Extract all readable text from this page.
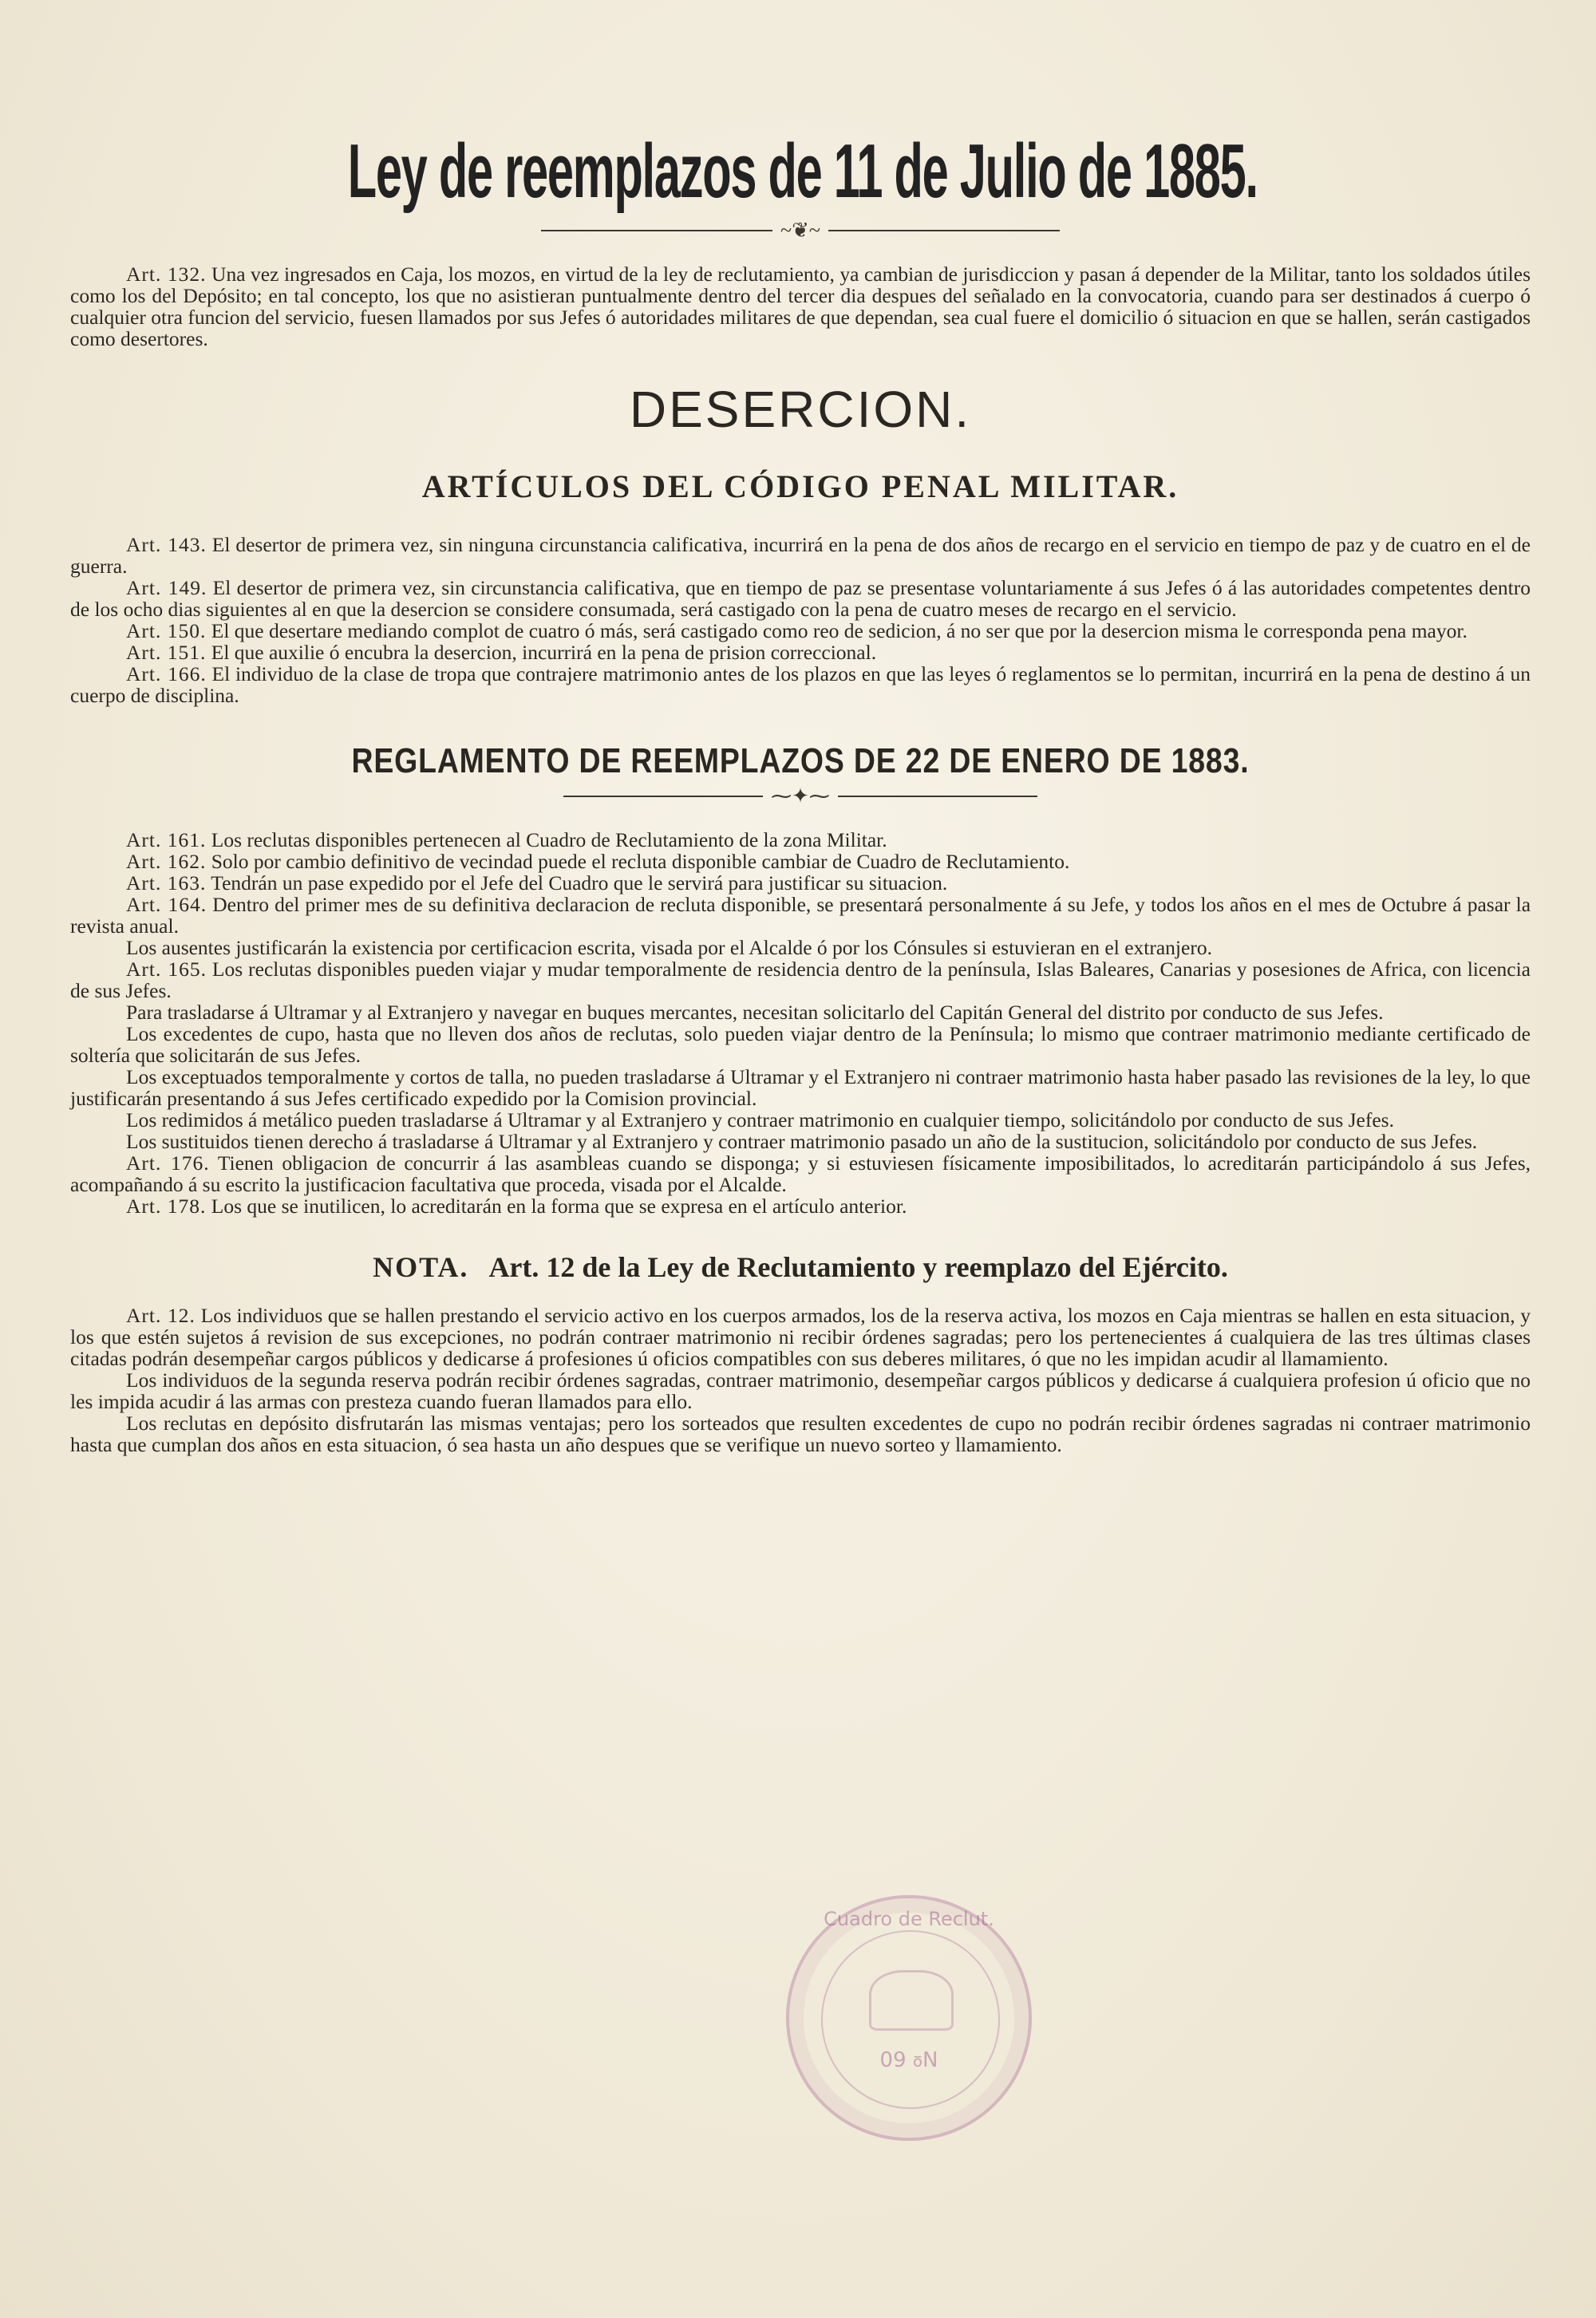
Ley de reemplazos de 11 de Julio de 1885.
~❦~

Art. 132. Una vez ingresados en Caja, los mozos, en virtud de la ley de reclutamiento, ya cambian de jurisdiccion y pasan á depender de la Militar, tanto los soldados útiles como los del Depósito; en tal concepto, los que no asistieran puntualmente dentro del tercer dia despues del señalado en la convocatoria, cuando para ser destinados á cuerpo ó cualquier otra funcion del servicio, fuesen llamados por sus Jefes ó autoridades militares de que dependan, sea cual fuere el domicilio ó situacion en que se hallen, serán castigados como desertores.

DESERCION.
ARTÍCULOS DEL CÓDIGO PENAL MILITAR.

Art. 143. El desertor de primera vez, sin ninguna circunstancia calificativa, incurrirá en la pena de dos años de recargo en el servicio en tiempo de paz y de cuatro en el de guerra.

Art. 149. El desertor de primera vez, sin circunstancia calificativa, que en tiempo de paz se presentase voluntariamente á sus Jefes ó á las autoridades competentes dentro de los ocho dias siguientes al en que la desercion se considere consumada, será castigado con la pena de cuatro meses de recargo en el servicio.

Art. 150. El que desertare mediando complot de cuatro ó más, será castigado como reo de sedicion, á no ser que por la desercion misma le corresponda pena mayor.

Art. 151. El que auxilie ó encubra la desercion, incurrirá en la pena de prision correccional.

Art. 166. El individuo de la clase de tropa que contrajere matrimonio antes de los plazos en que las leyes ó reglamentos se lo permitan, incurrirá en la pena de destino á un cuerpo de disciplina.

REGLAMENTO DE REEMPLAZOS DE 22 DE ENERO DE 1883.
⁓✦⁓

Art. 161. Los reclutas disponibles pertenecen al Cuadro de Reclutamiento de la zona Militar.

Art. 162. Solo por cambio definitivo de vecindad puede el recluta disponible cambiar de Cuadro de Reclutamiento.

Art. 163. Tendrán un pase expedido por el Jefe del Cuadro que le servirá para justificar su situacion.

Art. 164. Dentro del primer mes de su definitiva declaracion de recluta disponible, se presentará personalmente á su Jefe, y todos los años en el mes de Octubre á pasar la revista anual.

Los ausentes justificarán la existencia por certificacion escrita, visada por el Alcalde ó por los Cónsules si estuvieran en el extranjero.

Art. 165. Los reclutas disponibles pueden viajar y mudar temporalmente de residencia dentro de la península, Islas Baleares, Canarias y posesiones de Africa, con licencia de sus Jefes.

Para trasladarse á Ultramar y al Extranjero y navegar en buques mercantes, necesitan solicitarlo del Capitán General del distrito por conducto de sus Jefes.

Los excedentes de cupo, hasta que no lleven dos años de reclutas, solo pueden viajar dentro de la Península; lo mismo que contraer matrimonio mediante certificado de soltería que solicitarán de sus Jefes.

Los exceptuados temporalmente y cortos de talla, no pueden trasladarse á Ultramar y el Extranjero ni contraer matrimonio hasta haber pasado las revisiones de la ley, lo que justificarán presentando á sus Jefes certificado expedido por la Comision provincial.

Los redimidos á metálico pueden trasladarse á Ultramar y al Extranjero y contraer matrimonio en cualquier tiempo, solicitándolo por conducto de sus Jefes.

Los sustituidos tienen derecho á trasladarse á Ultramar y al Extranjero y contraer matrimonio pasado un año de la sustitucion, solicitándolo por conducto de sus Jefes.

Art. 176. Tienen obligacion de concurrir á las asambleas cuando se disponga; y si estuviesen físicamente imposibilitados, lo acreditarán participándolo á sus Jefes, acompañando á su escrito la justificacion facultativa que proceda, visada por el Alcalde.

Art. 178. Los que se inutilicen, lo acreditarán en la forma que se expresa en el artículo anterior.

NOTA. Art. 12 de la Ley de Reclutamiento y reemplazo del Ejército.

Art. 12. Los individuos que se hallen prestando el servicio activo en los cuerpos armados, los de la reserva activa, los mozos en Caja mientras se hallen en esta situacion, y los que estén sujetos á revision de sus excepciones, no podrán contraer matrimonio ni recibir órdenes sagradas; pero los pertenecientes á cualquiera de las tres últimas clases citadas podrán desempeñar cargos públicos y dedicarse á profesiones ú oficios compatibles con sus deberes militares, ó que no les impidan acudir al llamamiento.

Los individuos de la segunda reserva podrán recibir órdenes sagradas, contraer matrimonio, desempeñar cargos públicos y dedicarse á cualquiera profesion ú oficio que no les impida acudir á las armas con presteza cuando fueran llamados para ello.

Los reclutas en depósito disfrutarán las mismas ventajas; pero los sorteados que resulten excedentes de cupo no podrán recibir órdenes sagradas ni contraer matrimonio hasta que cumplan dos años en esta situacion, ó sea hasta un año despues que se verifique un nuevo sorteo y llamamiento.

Cuadro de Reclut.
Nº 60
